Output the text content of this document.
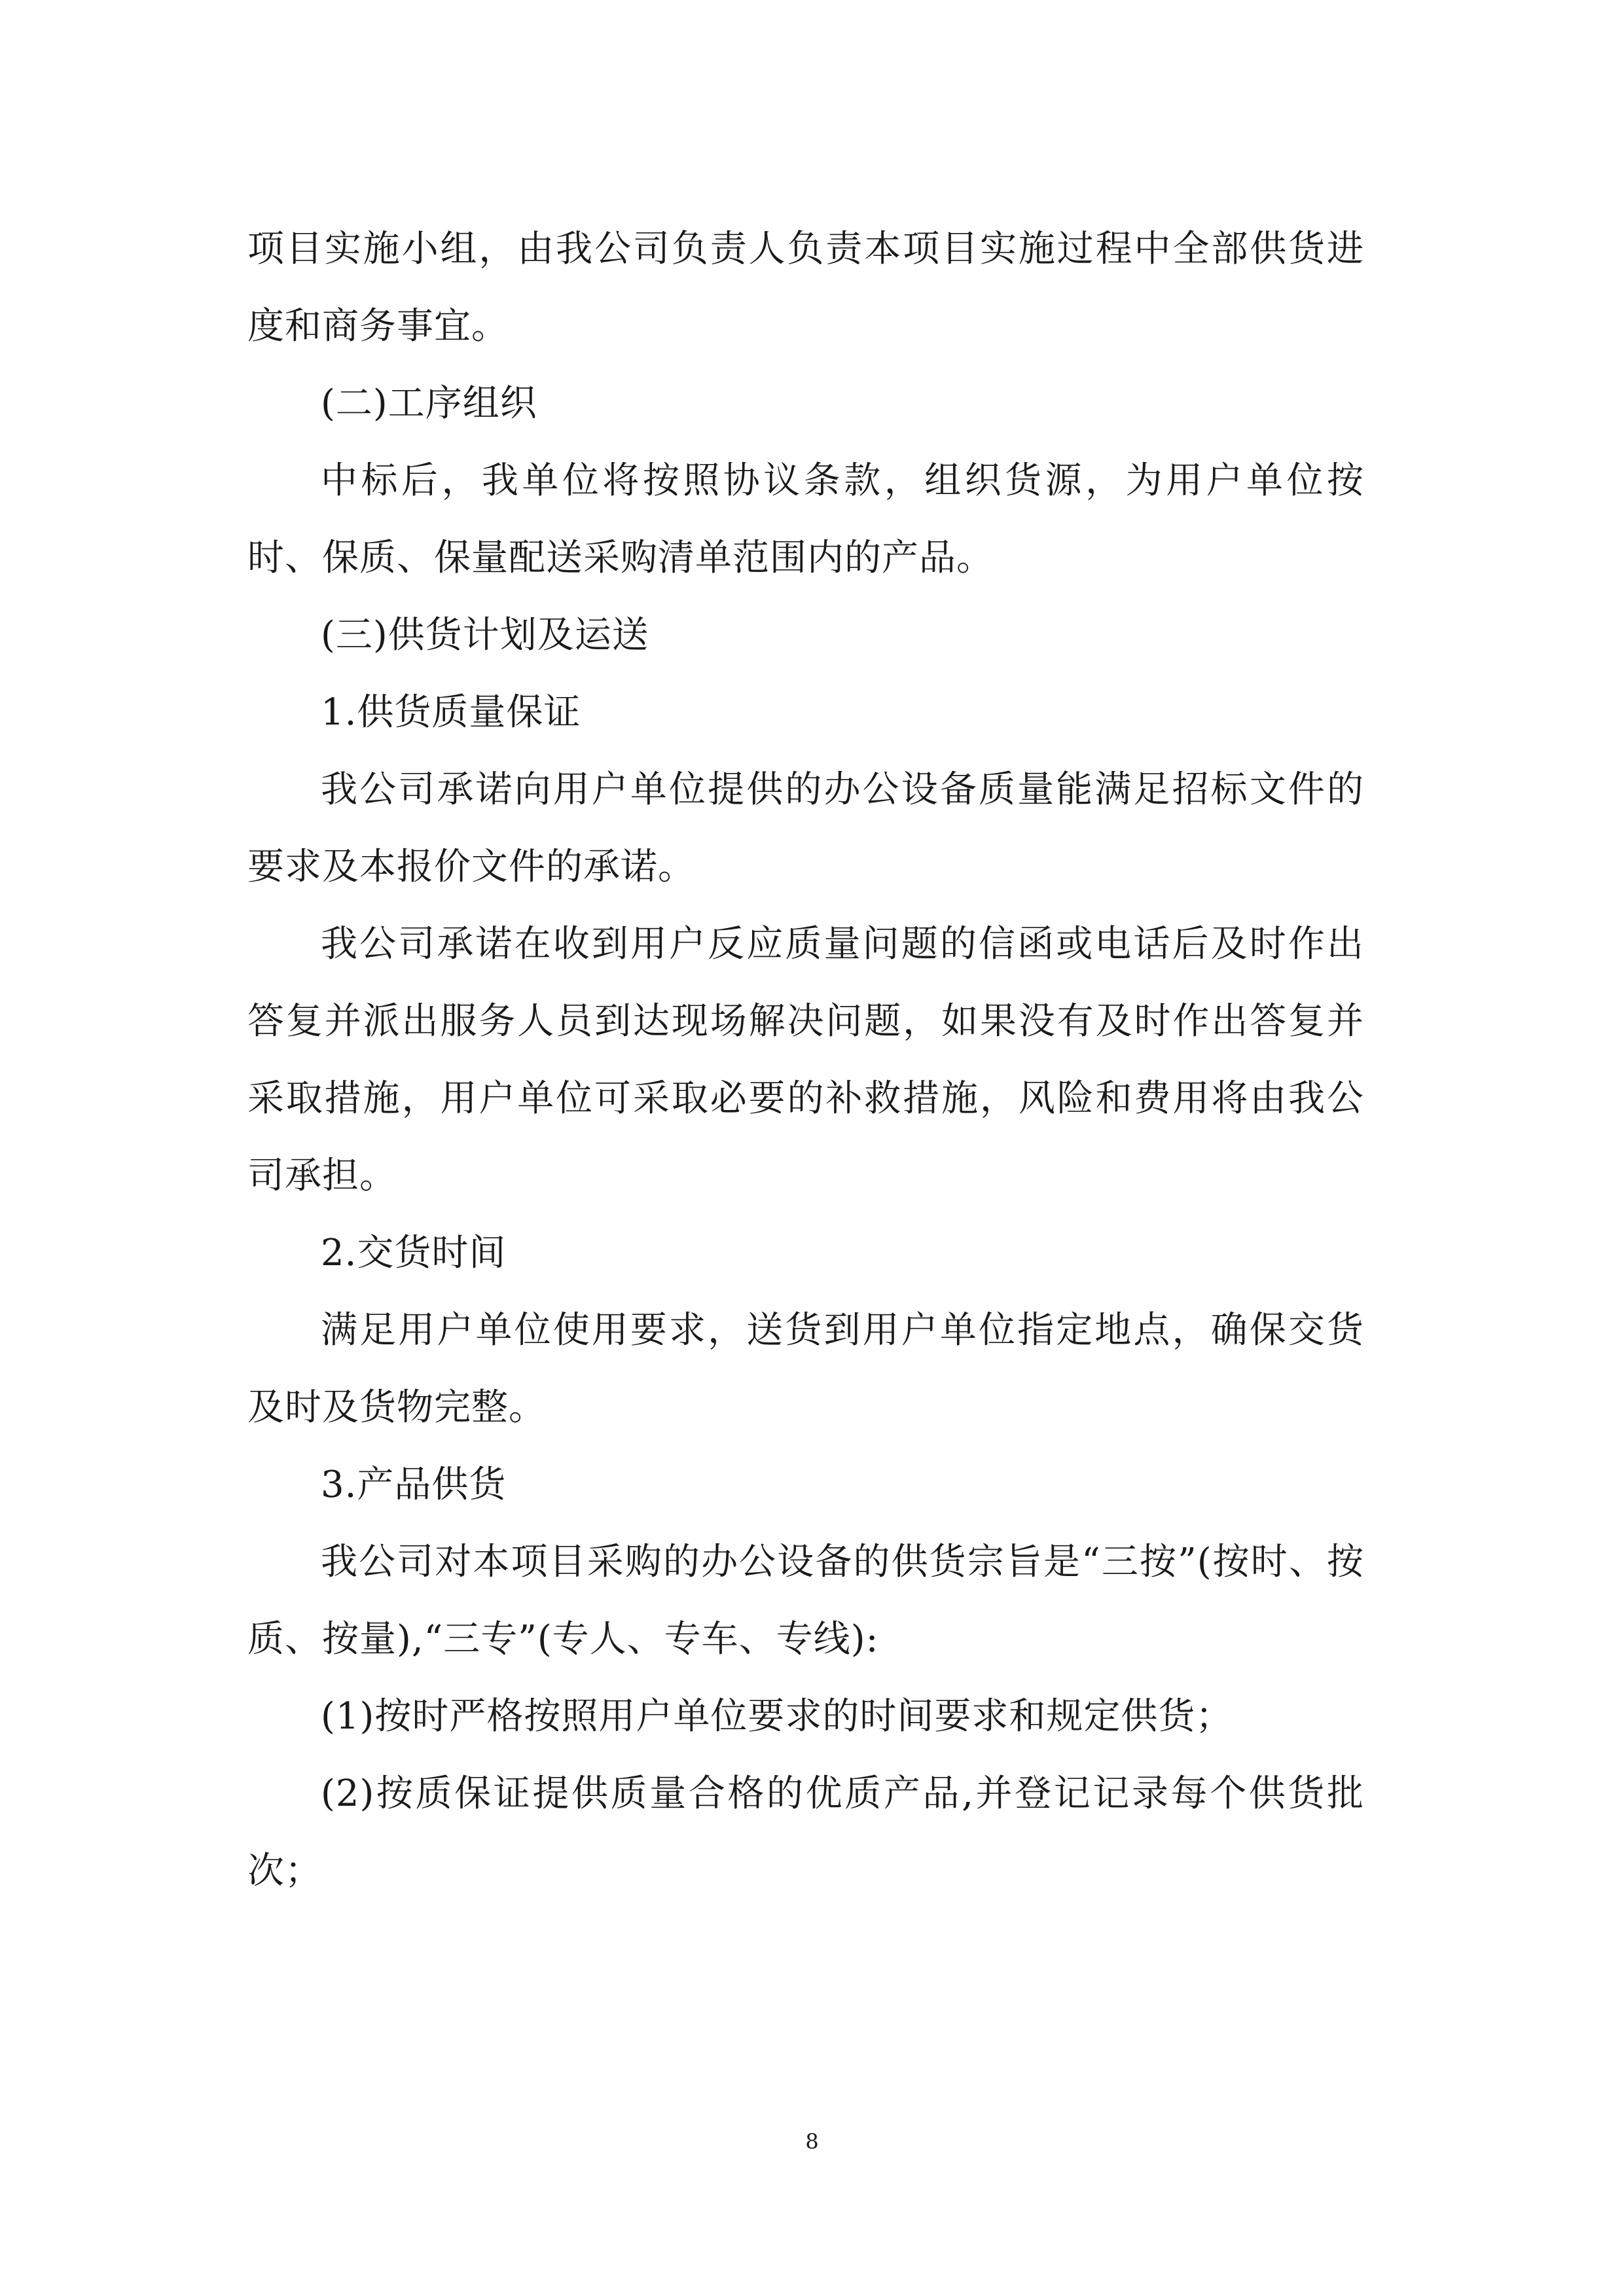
项目实施小组，由我公司负责人负责本项目实施过程中全部供货进度和商务事宜。

(二)工序组织

中标后，我单位将按照协议条款，组织货源，为用户单位按时、保质、保量配送采购清单范围内的产品。

(三)供货计划及运送

1.供货质量保证

我公司承诺向用户单位提供的办公设备质量能满足招标文件的要求及本报价文件的承诺。

我公司承诺在收到用户反应质量问题的信函或电话后及时作出答复并派出服务人员到达现场解决问题，如果没有及时作出答复并采取措施，用户单位可采取必要的补救措施，风险和费用将由我公司承担。

2.交货时间

满足用户单位使用要求，送货到用户单位指定地点，确保交货及时及货物完整。

3.产品供货

我公司对本项目采购的办公设备的供货宗旨是“三按”(按时、按质、按量),“三专”(专人、专车、专线):

(1)按时严格按照用户单位要求的时间要求和规定供货；

(2)按质保证提供质量合格的优质产品,并登记记录每个供货批次；

8
